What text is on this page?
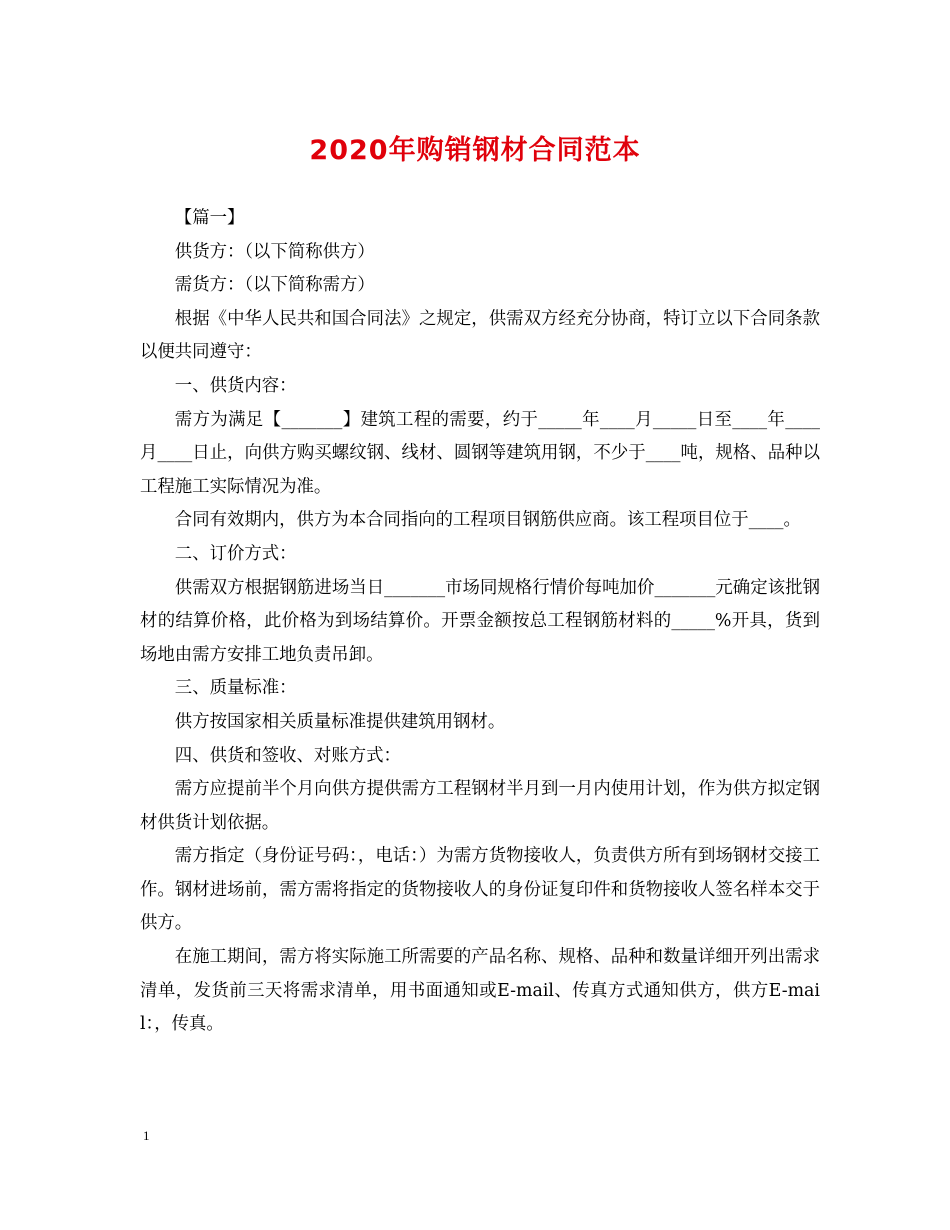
2020年购销钢材合同范本

【篇一】

供货方：（以下简称供方）

需货方：（以下简称需方）

根据《中华人民共和国合同法》之规定，供需双方经充分协商，特订立以下合同条款以便共同遵守：

一、供货内容：

需方为满足【_______】建筑工程的需要，约于_____年____月_____日至____年____月____日止，向供方购买螺纹钢、线材、圆钢等建筑用钢，不少于____吨，规格、品种以工程施工实际情况为准。

合同有效期内，供方为本合同指向的工程项目钢筋供应商。该工程项目位于____。

二、订价方式：

供需双方根据钢筋进场当日_______市场同规格行情价每吨加价_______元确定该批钢材的结算价格，此价格为到场结算价。开票金额按总工程钢筋材料的_____%开具，货到场地由需方安排工地负责吊卸。

三、质量标准：

供方按国家相关质量标准提供建筑用钢材。

四、供货和签收、对账方式：

需方应提前半个月向供方提供需方工程钢材半月到一月内使用计划，作为供方拟定钢材供货计划依据。

需方指定（身份证号码：，电话：）为需方货物接收人，负责供方所有到场钢材交接工作。钢材进场前，需方需将指定的货物接收人的身份证复印件和货物接收人签名样本交于供方。

在施工期间，需方将实际施工所需要的产品名称、规格、品种和数量详细开列出需求清单，发货前三天将需求清单，用书面通知或E-mail、传真方式通知供方，供方E-mail：，传真。

1
